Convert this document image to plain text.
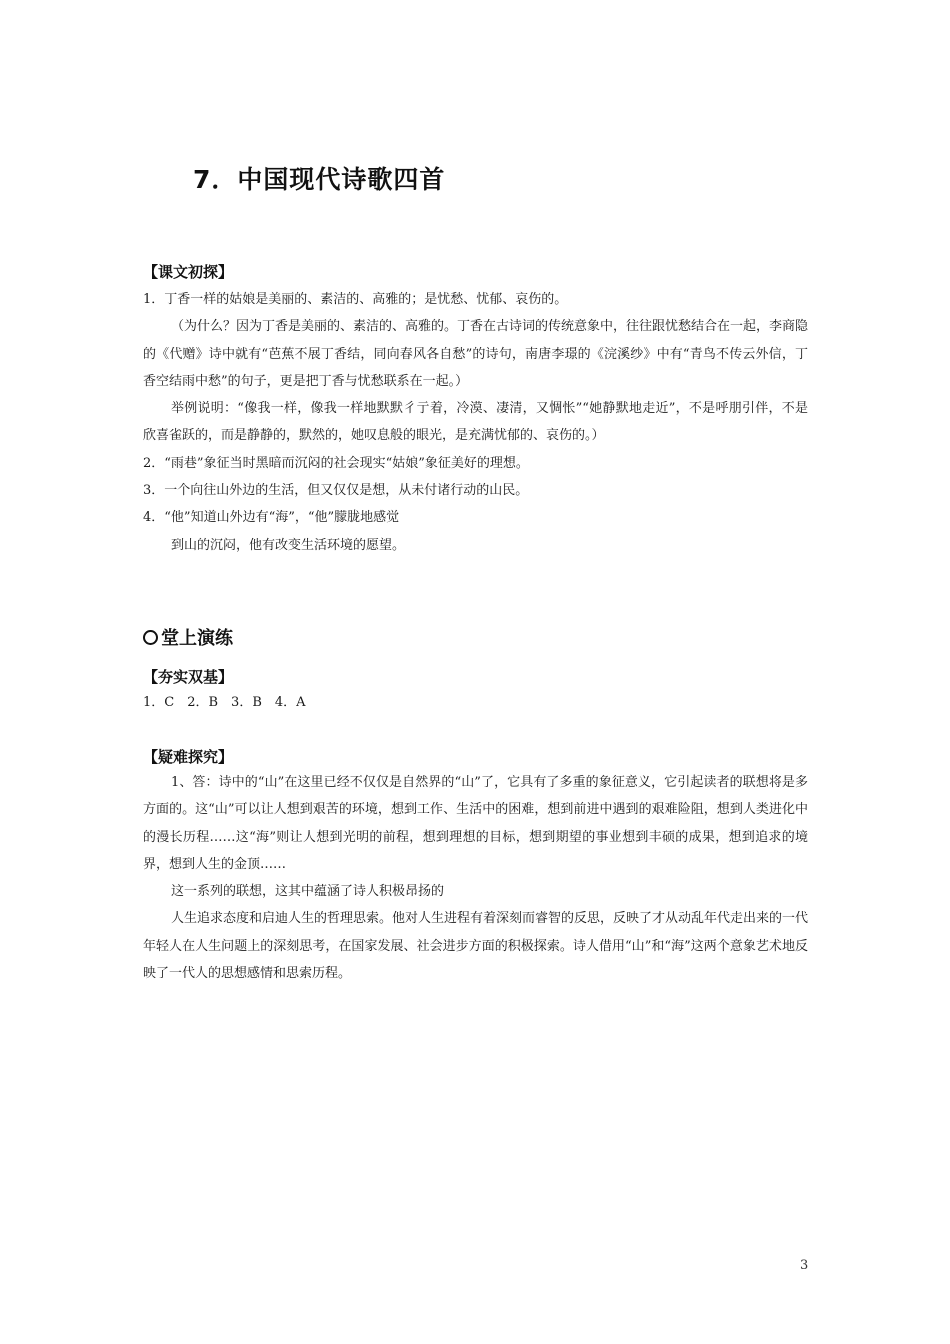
7．中国现代诗歌四首
【课文初探】

1．丁香一样的姑娘是美丽的、素洁的、高雅的；是忧愁、忧郁、哀伤的。

（为什么？因为丁香是美丽的、素洁的、高雅的。丁香在古诗词的传统意象中，往往跟忧愁结合在一起，李商隐的《代赠》诗中就有“芭蕉不展丁香结，同向春风各自愁”的诗句，南唐李璟的《浣溪纱》中有“青鸟不传云外信，丁香空结雨中愁”的句子，更是把丁香与忧愁联系在一起。）

举例说明：“像我一样，像我一样地默默彳亍着，冷漠、凄清，又惆怅”“她静默地走近”，不是呼朋引伴，不是欣喜雀跃的，而是静静的，默然的，她叹息般的眼光，是充满忧郁的、哀伤的。）

2．“雨巷”象征当时黑暗而沉闷的社会现实“姑娘”象征美好的理想。

3．一个向往山外边的生活，但又仅仅是想，从未付诸行动的山民。

4．“他”知道山外边有“海”，“他”朦胧地感觉

到山的沉闷，他有改变生活环境的愿望。

堂上演练
【夯实双基】

1．C　2．B　3．B　4．A

【疑难探究】

1、答：诗中的“山”在这里已经不仅仅是自然界的“山”了，它具有了多重的象征意义，它引起读者的联想将是多方面的。这“山”可以让人想到艰苦的环境，想到工作、生活中的困难，想到前进中遇到的艰难险阻，想到人类进化中的漫长历程……这“海”则让人想到光明的前程，想到理想的目标，想到期望的事业想到丰硕的成果，想到追求的境界，想到人生的金顶……

这一系列的联想，这其中蕴涵了诗人积极昂扬的

人生追求态度和启迪人生的哲理思索。他对人生进程有着深刻而睿智的反思，反映了才从动乱年代走出来的一代年轻人在人生问题上的深刻思考，在国家发展、社会进步方面的积极探索。诗人借用“山”和“海”这两个意象艺术地反映了一代人的思想感情和思索历程。

3
